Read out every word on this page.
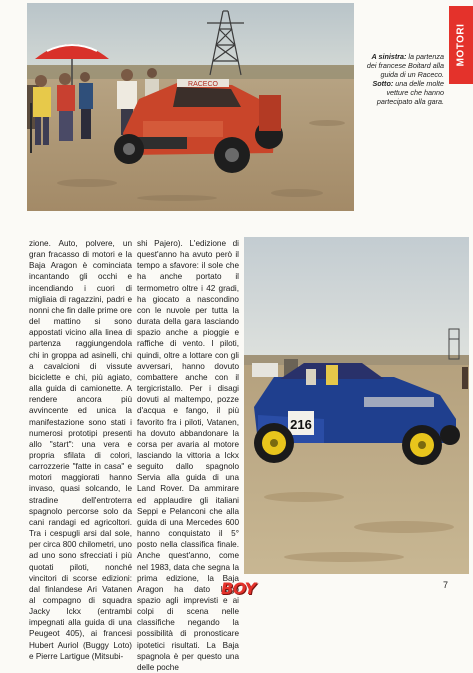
RACECO
A sinistra: la partenza dei francese Boitard alla guida di un Raceco.
Sotto: una delle molte vetture che hanno partecipato alla gara.
MOTORI

zione. Auto, polvere, un gran fracasso di motori e la Baja Aragon è cominciata incantando gli occhi e incendiando i cuori di migliaia di ragazzini, padri e nonni che fin dalle prime ore del mattino si sono appostati vicino alla linea di partenza raggiungendola chi in groppa ad asinelli, chi a cavalcioni di vissute biciclette e chi, più agiato, alla guida di camionette. A rendere ancora più avvincente ed unica la manifestazione sono stati i numerosi prototipi presenti allo "start": una vera e propria sfilata di colori, carrozzerie "fatte in casa" e motori maggiorati hanno invaso, quasi solcando, le stradine dell'entroterra spagnolo percorse solo da cani randagi ed agricoltori. Tra i cespugli arsi dal sole, per circa 800 chilometri, uno ad uno sono sfrecciati i più quotati piloti, nonché vincitori di scorse edizioni: dal finlandese Ari Vatanen al compagno di squadra Jacky Ickx (entrambi impegnati alla guida di una Peugeot 405), ai francesi Hubert Auriol (Buggy Loto) e Pierre Lartigue (Mitsubi-

shi Pajero). L'edizione di quest'anno ha avuto però il tempo a sfavore: il sole che ha anche portato il termometro oltre i 42 gradi, ha giocato a nascondino con le nuvole per tutta la durata della gara lasciando spazio anche a pioggie e raffiche di vento. I piloti, quindi, oltre a lottare con gli avversari, hanno dovuto combattere anche con il tergicristallo. Per i disagi dovuti al maltempo, pozze d'acqua e fango, il più favorito fra i piloti, Vatanen, ha dovuto abbandonare la corsa per avaria al motore lasciando la vittoria a Ickx seguito dallo spagnolo Servia alla guida di una Land Rover. Da ammirare ed applaudire gli italiani Seppi e Pelanconi che alla guida di una Mercedes 600 hanno conquistato il 5° posto nella classifica finale. Anche quest'anno, come nel 1983, data che segna la prima edizione, la Baja Aragon ha dato largo spazio agli imprevisti e ai colpi di scena nelle classifiche negando la possibilità di pronosticare ipotetici risultati. La Baja spagnola è per questo una delle poche

216
BOY	7
